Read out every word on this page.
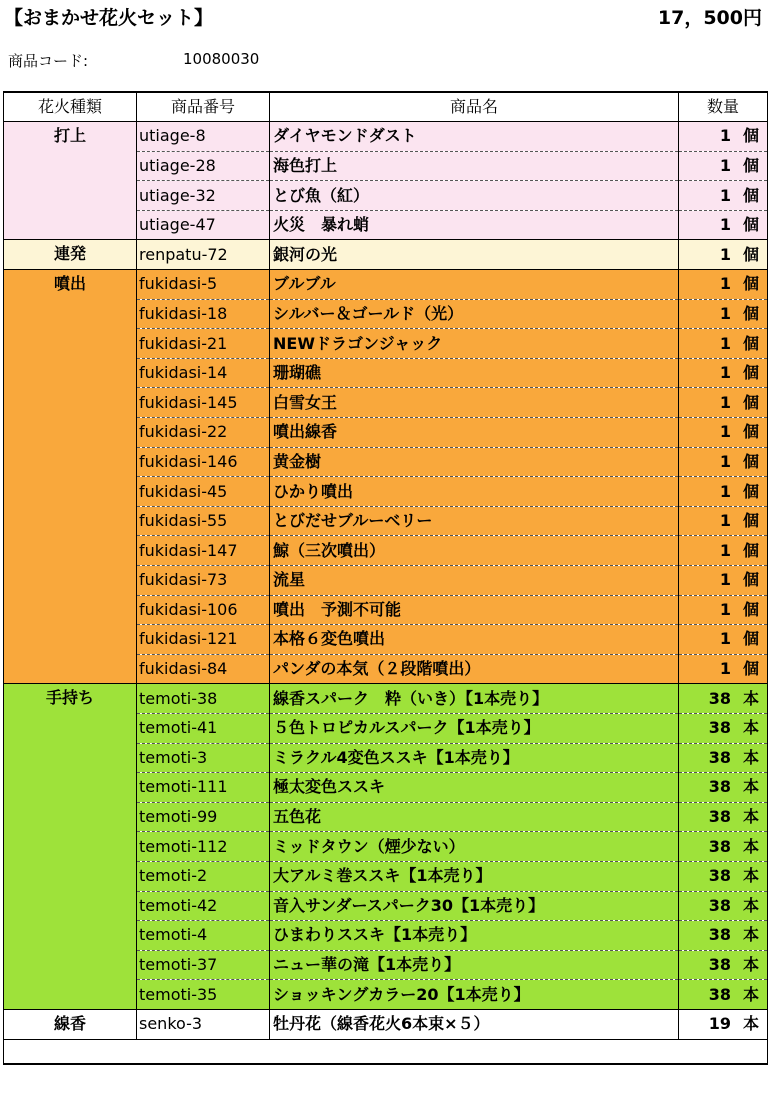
【おまかせ花火セット】	17，500円
商品コード:	10080030
花火種類	商品番号	商品名	数量
打上	utiage-8	ダイヤモンドダスト	1 個
	utiage-28	海色打上	1 個
	utiage-32	とび魚（紅）	1 個
	utiage-47	火災　暴れ蛸	1 個
連発	renpatu-72	銀河の光	1 個
噴出	fukidasi-5	ブルブル	1 個
	fukidasi-18	シルバー＆ゴールド（光）	1 個
	fukidasi-21	NEWドラゴンジャック	1 個
	fukidasi-14	珊瑚礁	1 個
	fukidasi-145	白雪女王	1 個
	fukidasi-22	噴出線香	1 個
	fukidasi-146	黄金樹	1 個
	fukidasi-45	ひかり噴出	1 個
	fukidasi-55	とびだせブルーベリー	1 個
	fukidasi-147	鯨（三次噴出）	1 個
	fukidasi-73	流星	1 個
	fukidasi-106	噴出　予測不可能	1 個
	fukidasi-121	本格６変色噴出	1 個
	fukidasi-84	パンダの本気（２段階噴出）	1 個
手持ち	temoti-38	線香スパーク　粋（いき）【1本売り】	38 本
	temoti-41	５色トロピカルスパーク【1本売り】	38 本
	temoti-3	ミラクル4変色ススキ【1本売り】	38 本
	temoti-111	極太変色ススキ	38 本
	temoti-99	五色花	38 本
	temoti-112	ミッドタウン（煙少ない）	38 本
	temoti-2	大アルミ巻ススキ【1本売り】	38 本
	temoti-42	音入サンダースパーク30【1本売り】	38 本
	temoti-4	ひまわりススキ【1本売り】	38 本
	temoti-37	ニュー華の滝【1本売り】	38 本
	temoti-35	ショッキングカラー20【1本売り】	38 本
線香	senko-3	牡丹花（線香花火6本束×５）	19 本
